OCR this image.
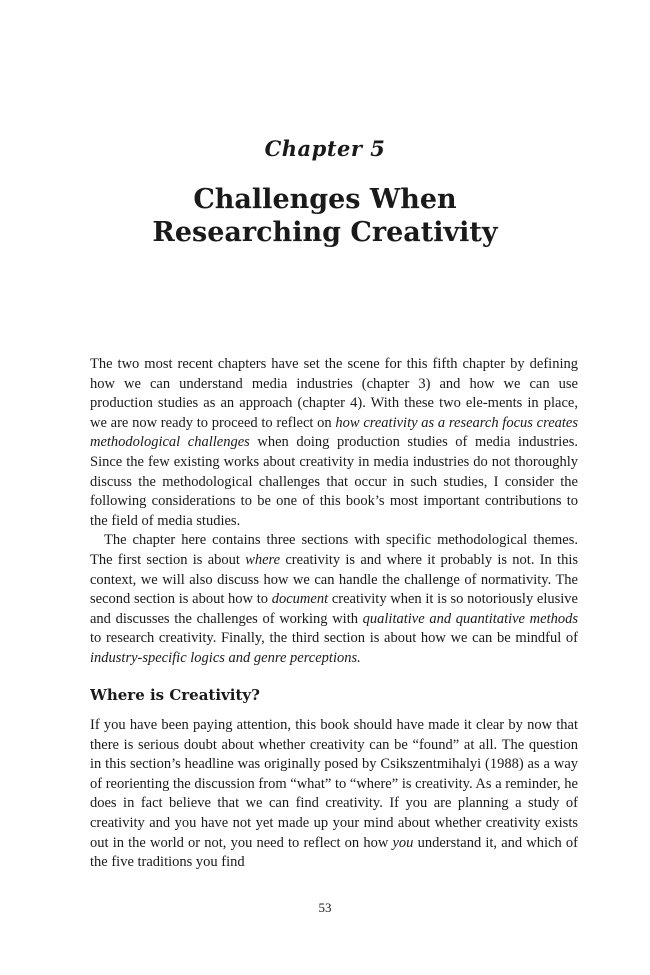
Chapter 5
Challenges When
Researching Creativity

The two most recent chapters have set the scene for this fifth chapter by defining how we can understand media industries (chapter 3) and how we can use production studies as an approach (chapter 4). With these two ele-ments in place, we are now ready to proceed to reflect on how creativity as a research focus creates methodological challenges when doing production studies of media industries. Since the few existing works about creativity in media industries do not thoroughly discuss the methodological challenges that occur in such studies, I consider the following considerations to be one of this book’s most important contributions to the field of media studies.

The chapter here contains three sections with specific methodological themes. The first section is about where creativity is and where it probably is not. In this context, we will also discuss how we can handle the challenge of normativity. The second section is about how to document creativity when it is so notoriously elusive and discusses the challenges of working with qualitative and quantitative methods to research creativity. Finally, the third section is about how we can be mindful of industry-specific logics and genre perceptions.

Where is Creativity?

If you have been paying attention, this book should have made it clear by now that there is serious doubt about whether creativity can be “found” at all. The question in this section’s headline was originally posed by Csikszentmihalyi (1988) as a way of reorienting the discussion from “what” to “where” is creativity. As a reminder, he does in fact believe that we can find creativity. If you are planning a study of creativity and you have not yet made up your mind about whether creativity exists out in the world or not, you need to reflect on how you understand it, and which of the five traditions you find

53
